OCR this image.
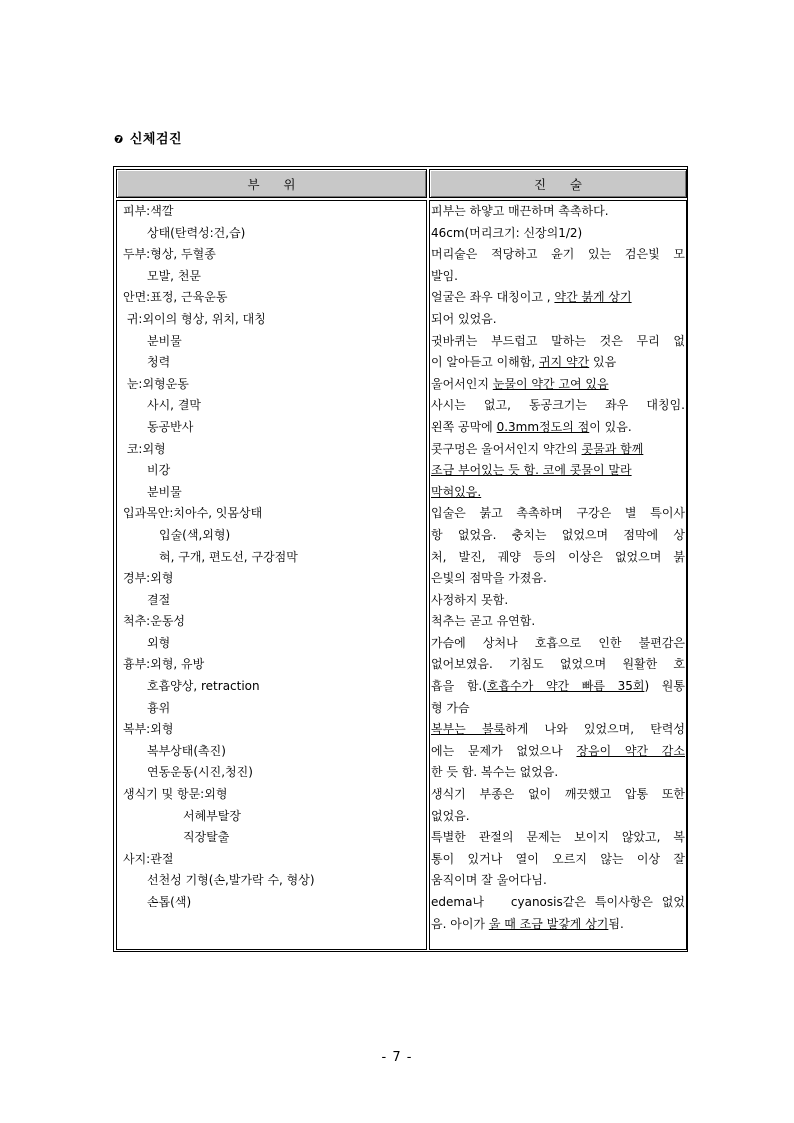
❼ 신체검진
부      위	진      술
피부:색깔
　　상태(탄력성:건,습)
두부:형상, 두혈종
　　모발, 천문
안면:표정, 근육운동
귀:외이의 형상, 위치, 대칭
　　분비물
　　청력
눈:외형운동
　　사시, 결막
　　동공반사
코:외형
　　비강
　　분비물
입과목안:치아수, 잇몸상태
　　　입술(색,외형)
　　　혀, 구개, 편도선, 구강점막
경부:외형
　　결절
척추:운동성
　　외형
흉부:외형, 유방
　　호흡양상, retraction
　　흉위
복부:외형
　　복부상태(촉진)
　　연동운동(시진,청진)
생식기 및 항문:외형
　　　　　서혜부탈장
　　　　　직장탈출
사지:관절
　　선천성 기형(손,발가락 수, 형상)
　　손톱(색)
피부는 하얗고 매끈하며 촉촉하다.
46cm(머리크기: 신장의1/2)
머리숱은 적당하고 윤기 있는 검은빛 모
발임.
얼굴은 좌우 대칭이고 , 약간 붉게 상기
되어 있었음.
귓바퀴는 부드럽고 말하는 것은 무리 없
이 알아듣고 이해함, 귀지 약간 있음
울어서인지 눈물이 약간 고여 있음
사시는 없고, 동공크기는 좌우 대칭임.
왼쪽 공막에 0.3mm정도의 점이 있음.
콧구멍은 울어서인지 약간의 콧물과 함께
조금 부어있는 듯 함. 코에 콧물이 말라
막혀있음.
입술은 붉고 촉촉하며 구강은 별 특이사
항 없었음. 충치는 없었으며 점막에 상
처, 발진, 궤양 등의 이상은 없었으며 붉
은빛의 점막을 가졌음.
사정하지 못함.
척추는 곧고 유연함.
가슴에 상처나 호흡으로 인한 불편감은
없어보였음. 기침도 없었으며 원활한 호
흡을 함.(호흡수가 약간 빠름 35회) 원통
형 가슴
복부는 불룩하게 나와 있었으며, 탄력성
에는 문제가 없었으나 장음이 약간 감소
한 듯 함. 복수는 없었음.
생식기 부종은 없이 깨끗했고 압통 또한
없었음.
특별한 관절의 문제는 보이지 않았고, 복
통이 있거나 열이 오르지 않는 이상 잘
움직이며 잘 울어다님.
edema나   cyanosis같은 특이사항은 없었
음. 아이가 울 때 조금 발갛게 상기됨.
- 7 -
